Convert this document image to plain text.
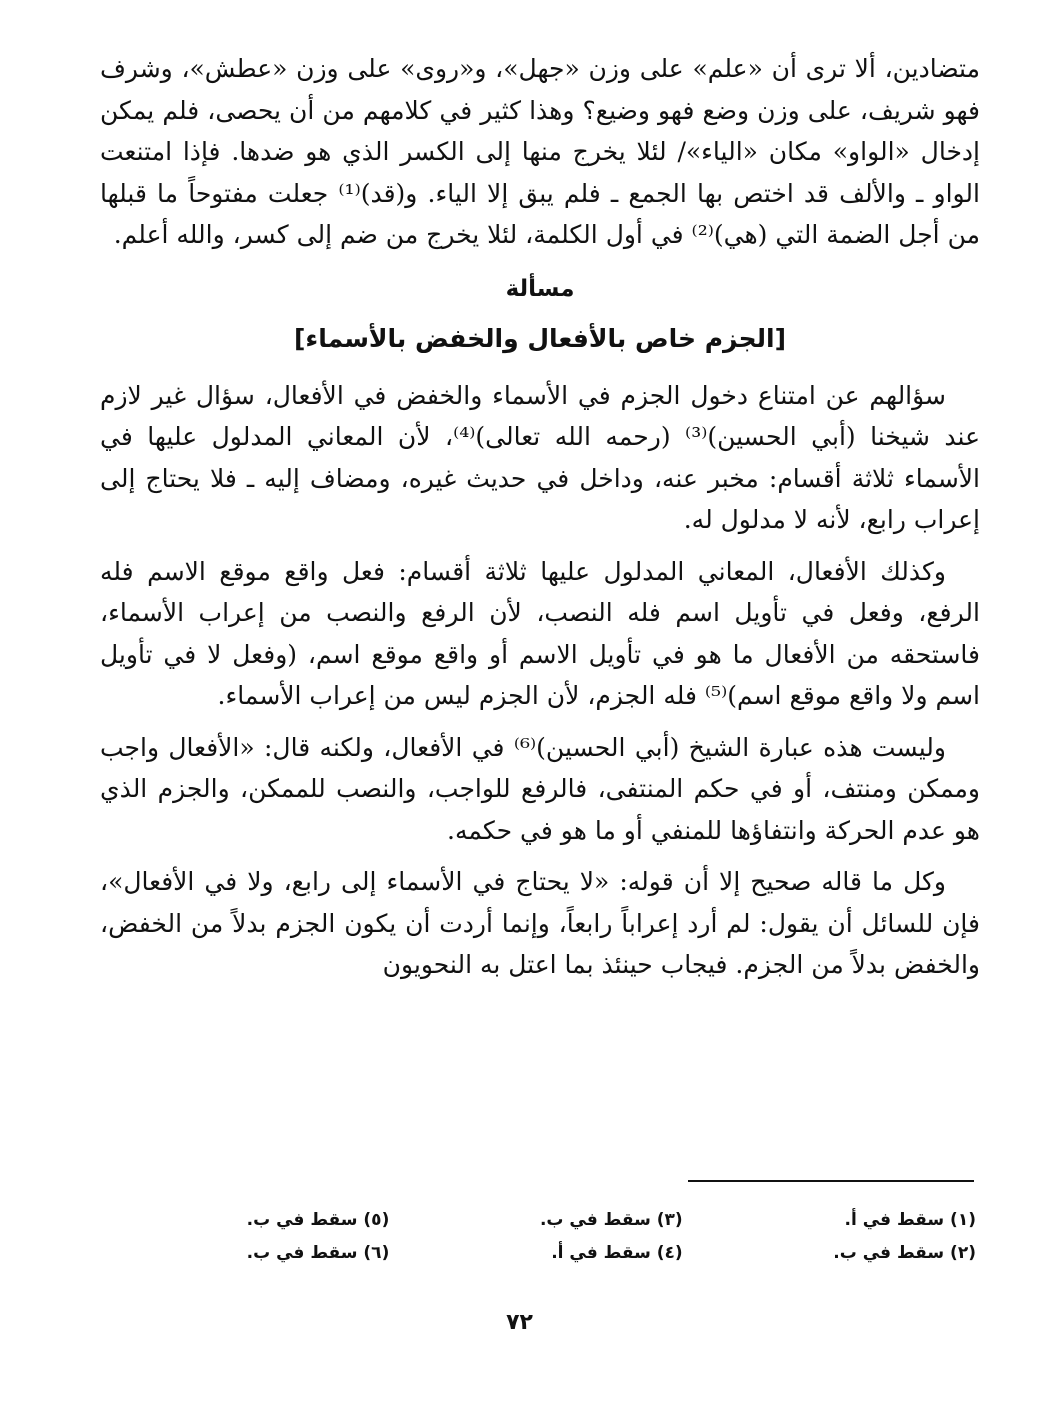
متضادين، ألا ترى أن «علم» على وزن «جهل»، و«روى» على وزن «عطش»، وشرف فهو شريف، على وزن وضع فهو وضيع؟ وهذا كثير في كلامهم من أن يحصى، فلم يمكن إدخال «الواو» مكان «الياء»/ لئلا يخرج منها إلى الكسر الذي هو ضدها. فإذا امتنعت الواو ـ والألف قد اختص بها الجمع ـ فلم يبق إلا الياء. و(قد)⁽¹⁾ جعلت مفتوحاً ما قبلها من أجل الضمة التي (هي)⁽²⁾ في أول الكلمة، لئلا يخرج من ضم إلى كسر، والله أعلم.

مسألة
[الجزم خاص بالأفعال والخفض بالأسماء]

سؤالهم عن امتناع دخول الجزم في الأسماء والخفض في الأفعال، سؤال غير لازم عند شيخنا (أبي الحسين)⁽³⁾ (رحمه الله تعالى)⁽⁴⁾، لأن المعاني المدلول عليها في الأسماء ثلاثة أقسام: مخبر عنه، وداخل في حديث غيره، ومضاف إليه ـ فلا يحتاج إلى إعراب رابع، لأنه لا مدلول له.

وكذلك الأفعال، المعاني المدلول عليها ثلاثة أقسام: فعل واقع موقع الاسم فله الرفع، وفعل في تأويل اسم فله النصب، لأن الرفع والنصب من إعراب الأسماء، فاستحقه من الأفعال ما هو في تأويل الاسم أو واقع موقع اسم، (وفعل لا في تأويل اسم ولا واقع موقع اسم)⁽⁵⁾ فله الجزم، لأن الجزم ليس من إعراب الأسماء.

وليست هذه عبارة الشيخ (أبي الحسين)⁽⁶⁾ في الأفعال، ولكنه قال: «الأفعال واجب وممكن ومنتف، أو في حكم المنتفى، فالرفع للواجب، والنصب للممكن، والجزم الذي هو عدم الحركة وانتفاؤها للمنفي أو ما هو في حكمه.

وكل ما قاله صحيح إلا أن قوله: «لا يحتاج في الأسماء إلى رابع، ولا في الأفعال»، فإن للسائل أن يقول: لم أرد إعراباً رابعاً، وإنما أردت أن يكون الجزم بدلاً من الخفض، والخفض بدلاً من الجزم. فيجاب حينئذ بما اعتل به النحويون

(١) سقط في أ.
(٣) سقط في ب.
(٥) سقط في ب.
(٢) سقط في ب.
(٤) سقط في أ.
(٦) سقط في ب.
٧٢
